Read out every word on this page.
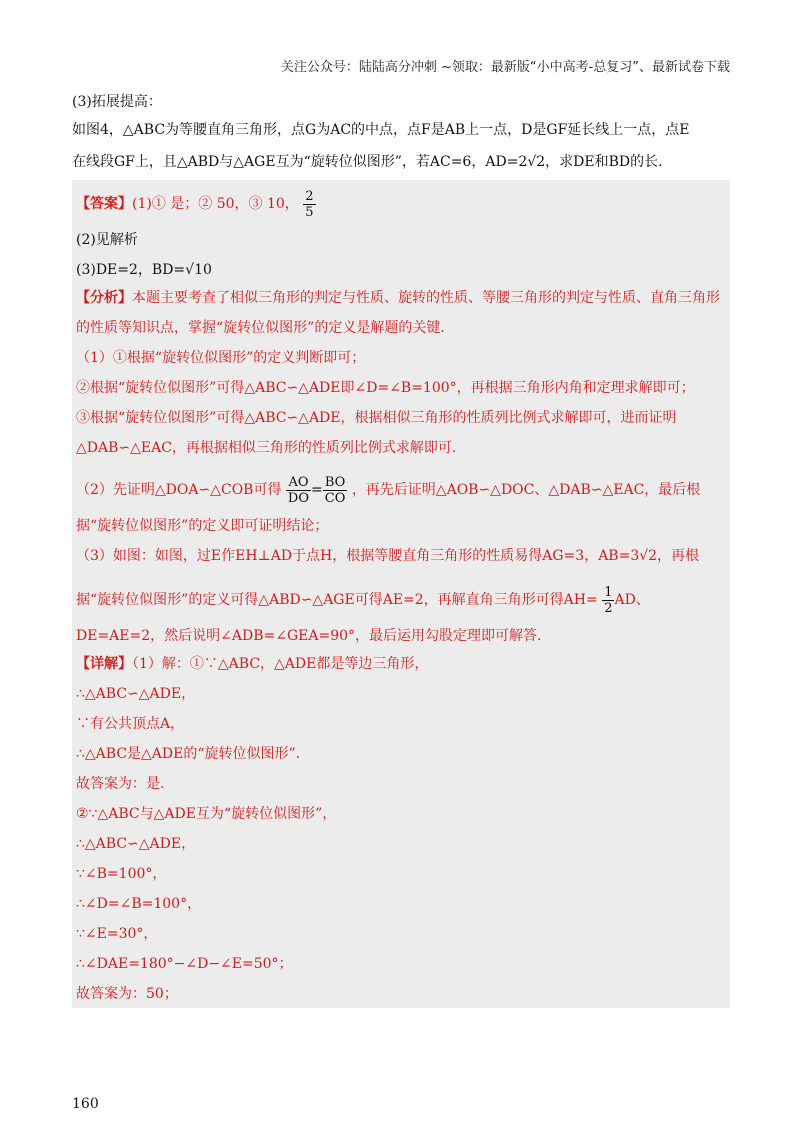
关注公众号：陆陆高分冲刺 ~领取：最新版“小中高考-总复习”、最新试卷下载

(3)拓展提高：

如图4，△ABC为等腰直角三角形，点G为AC的中点，点F是AB上一点，D是GF延长线上一点，点E

在线段GF上，且△ABD与△AGE互为“旋转位似图形”，若AC=6，AD=2√2，求DE和BD的长.

【答案】(1)① 是；② 50，③ 10， $\frac{2}{5}$

(2)见解析

(3)DE=2，BD=√10

【分析】本题主要考查了相似三角形的判定与性质、旋转的性质、等腰三角形的判定与性质、直角三角形

的性质等知识点，掌握“旋转位似图形”的定义是解题的关键.

（1）①根据“旋转位似图形”的定义判断即可；

②根据“旋转位似图形”可得△ABC∽△ADE即∠D=∠B=100°，再根据三角形内角和定理求解即可；

③根据“旋转位似图形”可得△ABC∽△ADE，根据相似三角形的性质列比例式求解即可，进而证明

△DAB∽△EAC，再根据相似三角形的性质列比例式求解即可.

（2）先证明△DOA∽△COB可得 $\frac{AO}{DO} = \frac{BO}{CO}$ ，再先后证明△AOB∽△DOC、△DAB∽△EAC，最后根

据“旋转位似图形”的定义即可证明结论；

（3）如图：如图，过E作EH⊥AD于点H，根据等腰直角三角形的性质易得AG=3，AB=3√2，再根

据“旋转位似图形”的定义可得△ABD∽△AGE可得AE=2，再解直角三角形可得$AH= \frac{1}{2}$ AD、

DE=AE=2，然后说明∠ADB=∠GEA=90°，最后运用勾股定理即可解答.

【详解】（1）解：①∵△ABC，△ADE都是等边三角形，

∴△ABC∽△ADE，

∵有公共顶点A，

∴△ABC是△ADE的“旋转位似图形”.

故答案为：是.

②∵△ABC与△ADE互为“旋转位似图形”，

∴△ABC∽△ADE，

∵∠B=100°，

∴∠D=∠B=100°，

∵∠E=30°，

∴∠DAE=180°−∠D−∠E=50°；

故答案为：50；

160
